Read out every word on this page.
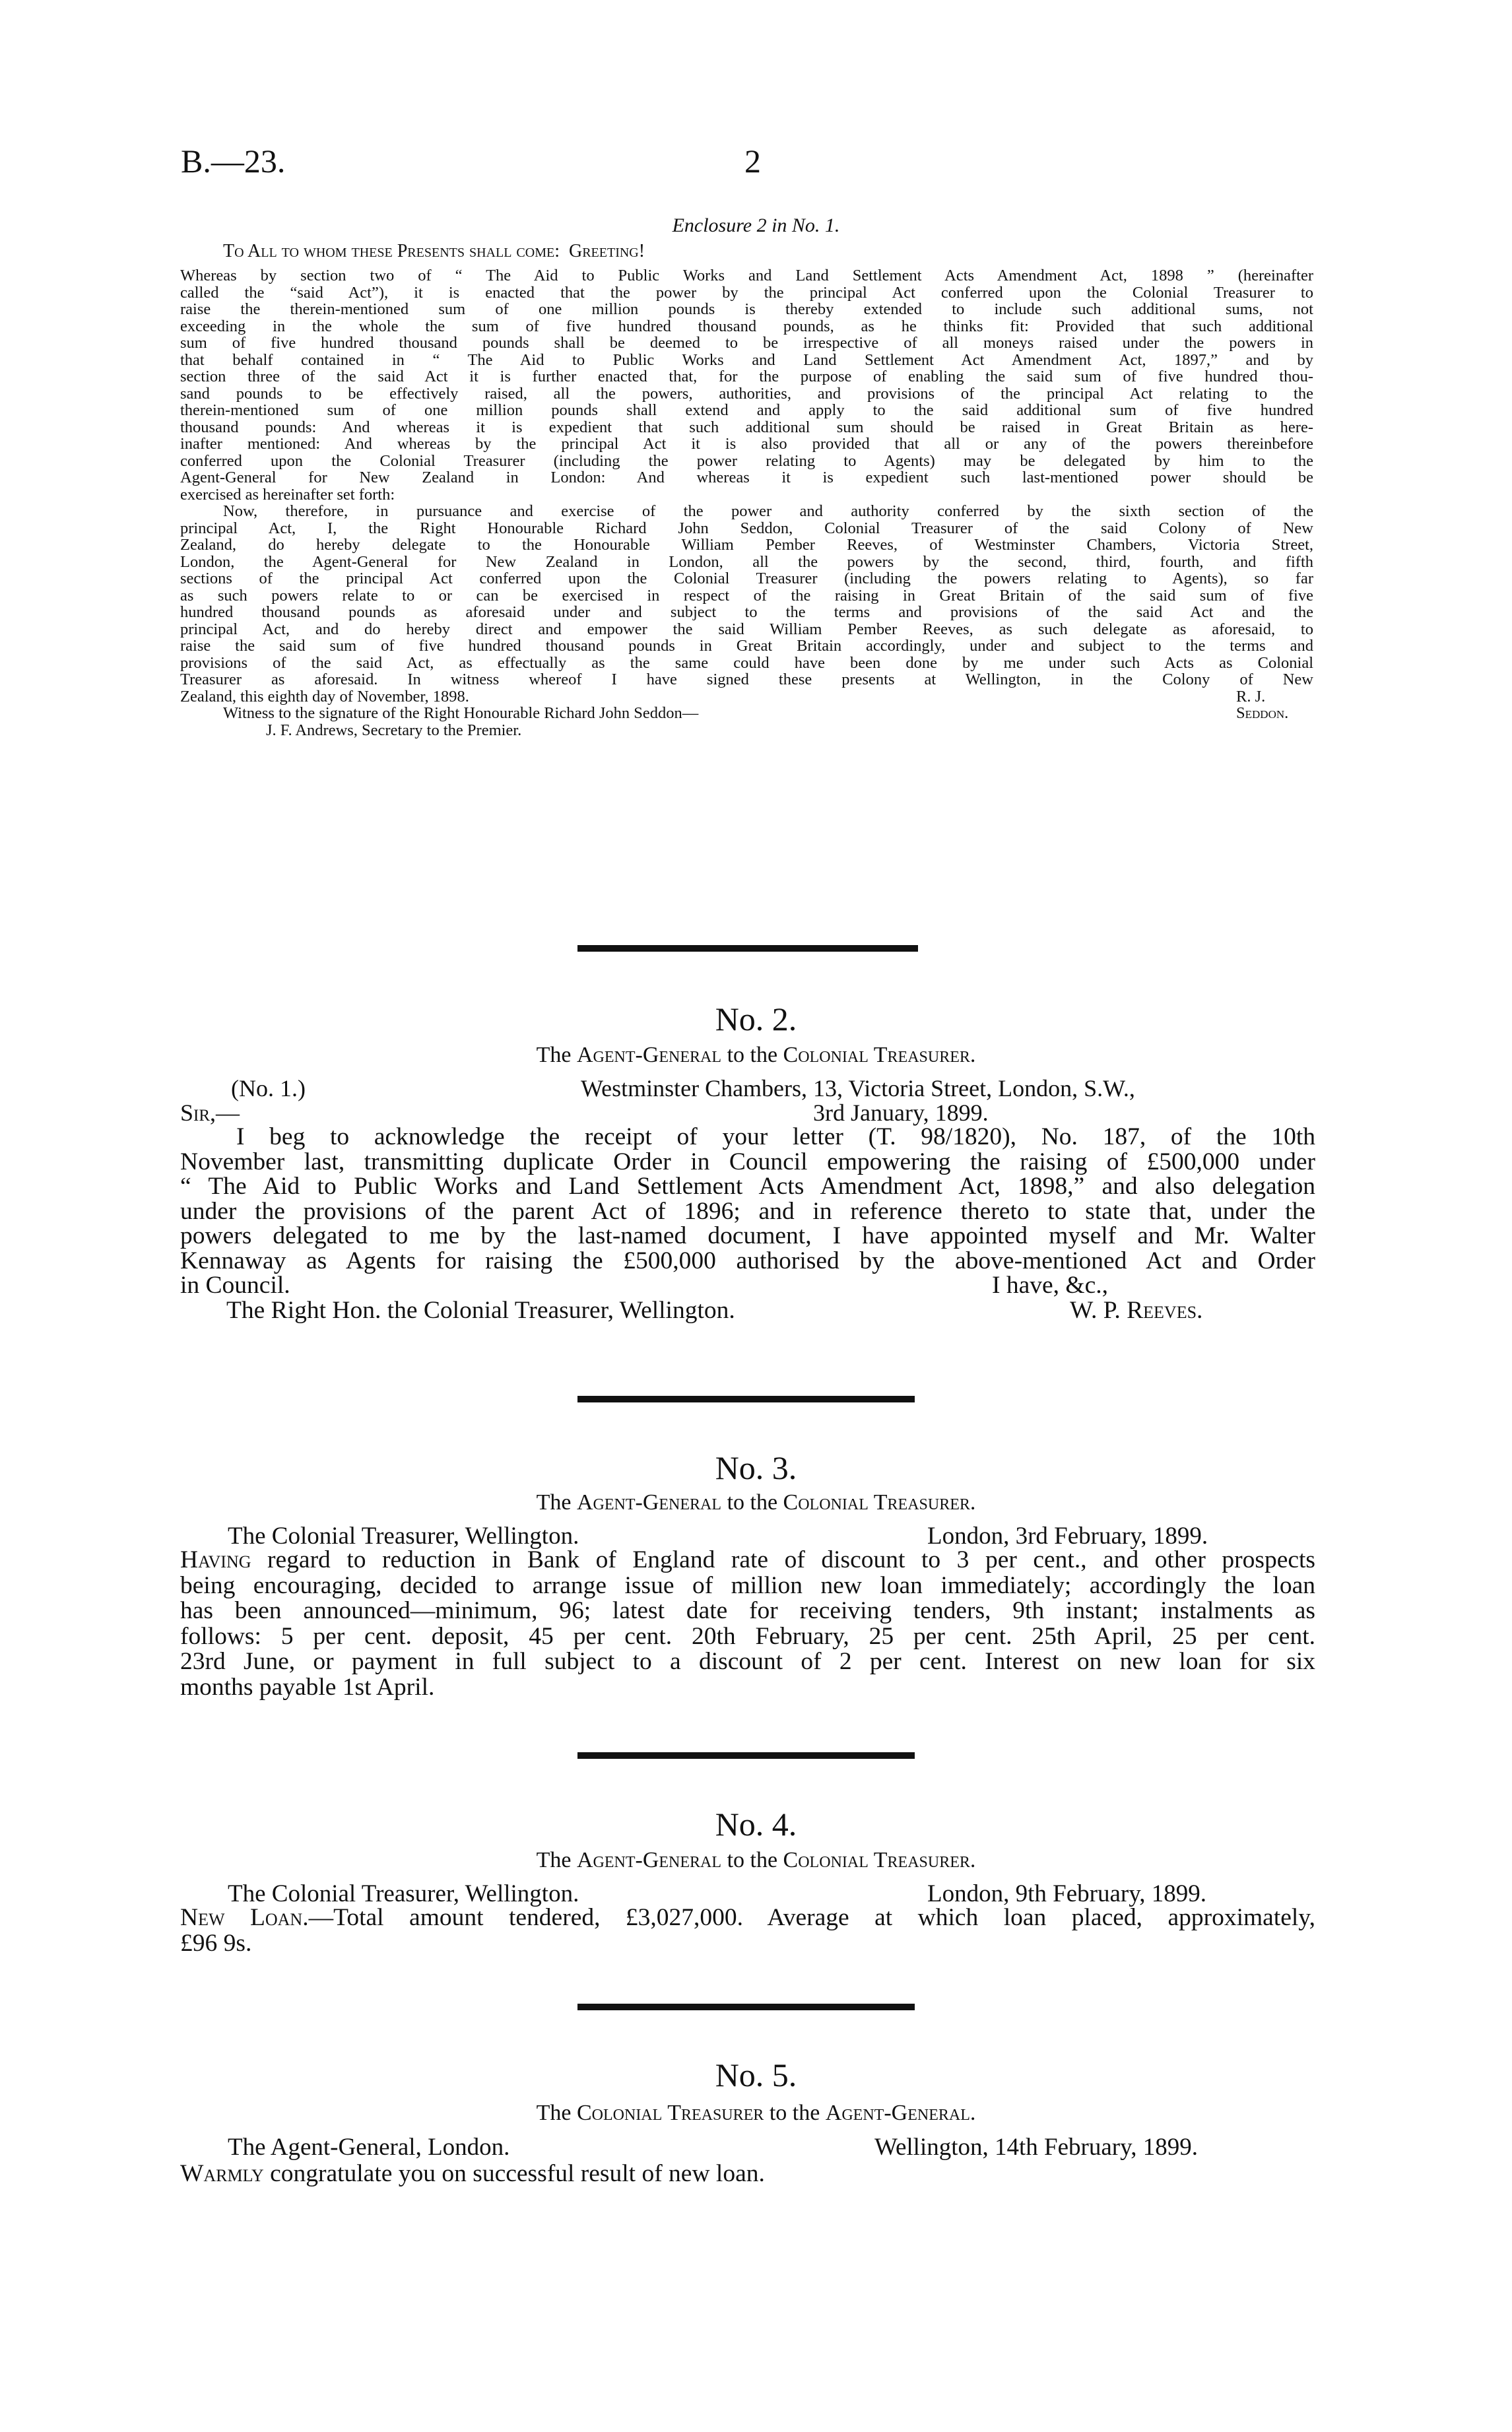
B.—23.	2
Enclosure 2 in No. 1.
To All to whom these Presents shall come: Greeting!

Whereas by section two of “ The Aid to Public Works and Land Settlement Acts Amendment Act, 1898 ” (hereinafter

called the “said Act”), it is enacted that the power by the principal Act conferred upon the Colonial Treasurer to

raise the therein-mentioned sum of one million pounds is thereby extended to include such additional sums, not

exceeding in the whole the sum of five hundred thousand pounds, as he thinks fit: Provided that such additional

sum of five hundred thousand pounds shall be deemed to be irrespective of all moneys raised under the powers in

that behalf contained in “ The Aid to Public Works and Land Settlement Act Amendment Act, 1897,” and by

section three of the said Act it is further enacted that, for the purpose of enabling the said sum of five hundred thou-

sand pounds to be effectively raised, all the powers, authorities, and provisions of the principal Act relating to the

therein-mentioned sum of one million pounds shall extend and apply to the said additional sum of five hundred

thousand pounds: And whereas it is expedient that such additional sum should be raised in Great Britain as here-

inafter mentioned: And whereas by the principal Act it is also provided that all or any of the powers thereinbefore

conferred upon the Colonial Treasurer (including the power relating to Agents) may be delegated by him to the

Agent-General for New Zealand in London: And whereas it is expedient such last-mentioned power should be

exercised as hereinafter set forth:

Now, therefore, in pursuance and exercise of the power and authority conferred by the sixth section of the

principal Act, I, the Right Honourable Richard John Seddon, Colonial Treasurer of the said Colony of New

Zealand, do hereby delegate to the Honourable William Pember Reeves, of Westminster Chambers, Victoria Street,

London, the Agent-General for New Zealand in London, all the powers by the second, third, fourth, and fifth

sections of the principal Act conferred upon the Colonial Treasurer (including the powers relating to Agents), so far

as such powers relate to or can be exercised in respect of the raising in Great Britain of the said sum of five

hundred thousand pounds as aforesaid under and subject to the terms and provisions of the said Act and the

principal Act, and do hereby direct and empower the said William Pember Reeves, as such delegate as aforesaid, to

raise the said sum of five hundred thousand pounds in Great Britain accordingly, under and subject to the terms and

provisions of the said Act, as effectually as the same could have been done by me under such Acts as Colonial

Treasurer as aforesaid. In witness whereof I have signed these presents at Wellington, in the Colony of New

Zealand, this eighth day of November, 1898.	R. J. Seddon.

Witness to the signature of the Right Honourable Richard John Seddon—

J. F. Andrews, Secretary to the Premier.

No. 2.
The Agent-General to the Colonial Treasurer.
(No. 1.)	Westminster Chambers, 13, Victoria Street, London, S.W.,
3rd January, 1899.
Sir,—

I beg to acknowledge the receipt of your letter (T. 98/1820), No. 187, of the 10th

November last, transmitting duplicate Order in Council empowering the raising of £500,000 under

“ The Aid to Public Works and Land Settlement Acts Amendment Act, 1898,” and also delegation

under the provisions of the parent Act of 1896; and in reference thereto to state that, under the

powers delegated to me by the last-named document, I have appointed myself and Mr. Walter

Kennaway as Agents for raising the £500,000 authorised by the above-mentioned Act and Order

in Council.	I have, &c.,

The Right Hon. the Colonial Treasurer, Wellington.	W. P. Reeves.

No. 3.
The Agent-General to the Colonial Treasurer.
The Colonial Treasurer, Wellington.	London, 3rd February, 1899.

Having regard to reduction in Bank of England rate of discount to 3 per cent., and other prospects

being encouraging, decided to arrange issue of million new loan immediately; accordingly the loan

has been announced—minimum, 96; latest date for receiving tenders, 9th instant; instalments as

follows: 5 per cent. deposit, 45 per cent. 20th February, 25 per cent. 25th April, 25 per cent.

23rd June, or payment in full subject to a discount of 2 per cent. Interest on new loan for six

months payable 1st April.

No. 4.
The Agent-General to the Colonial Treasurer.
The Colonial Treasurer, Wellington.	London, 9th February, 1899.

New Loan.—Total amount tendered, £3,027,000. Average at which loan placed, approximately,

£96 9s.

No. 5.
The Colonial Treasurer to the Agent-General.
The Agent-General, London.	Wellington, 14th February, 1899.
Warmly congratulate you on successful result of new loan.
